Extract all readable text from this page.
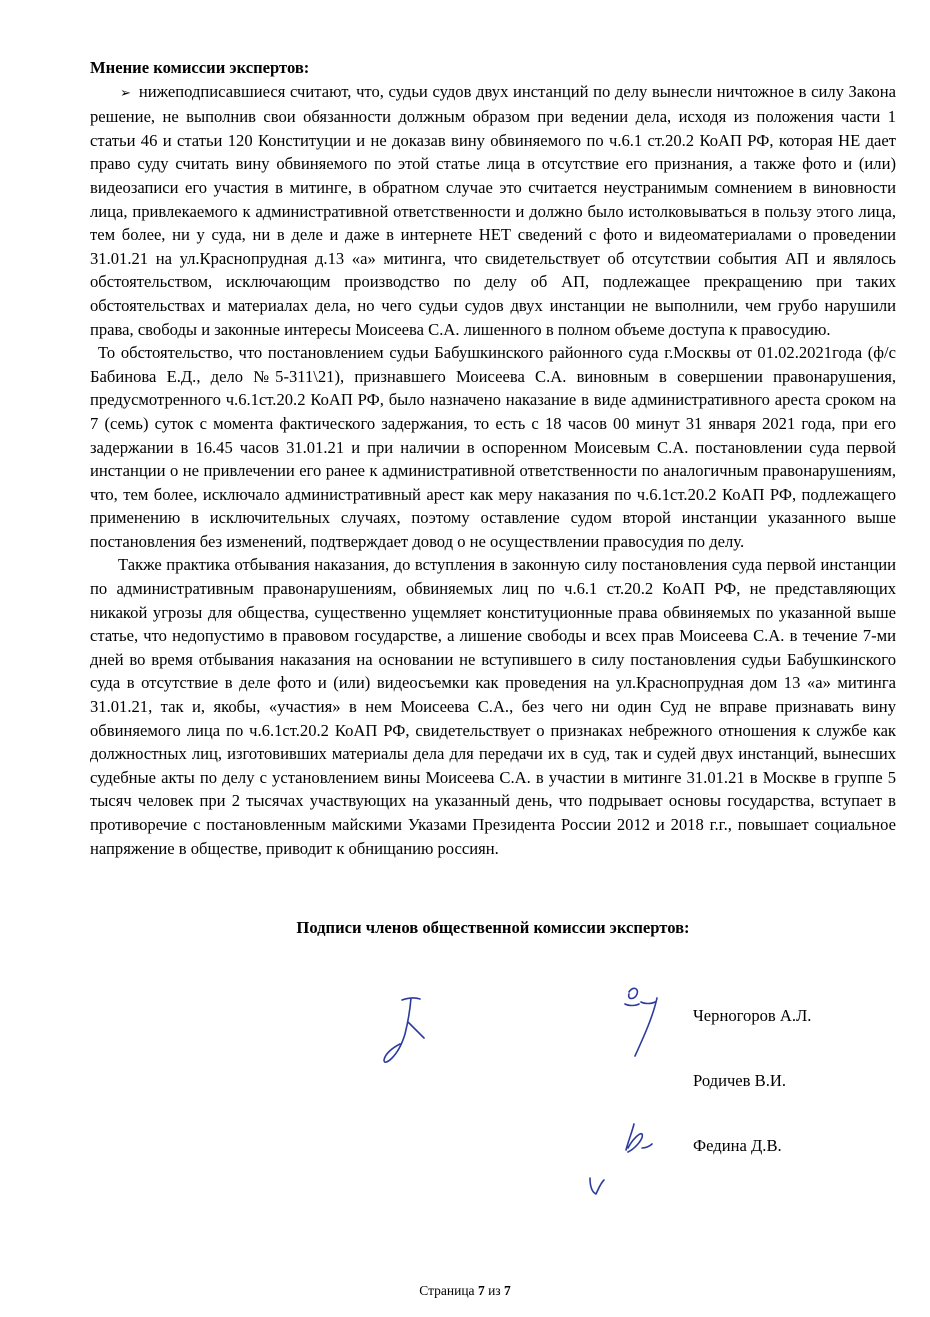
Мнение комиссии экспертов:

➢ нижеподписавшиеся считают, что, судьи судов двух инстанций по делу вынесли ничтожное в силу Закона решение, не выполнив свои обязанности должным образом при ведении дела, исходя из положения части 1 статьи 46 и статьи 120 Конституции и не доказав вину обвиняемого по ч.6.1 ст.20.2 КоАП РФ, которая НЕ дает право суду считать вину обвиняемого по этой статье лица в отсутствие его признания, а также фото и (или) видеозаписи его участия в митинге, в обратном случае это считается неустранимым сомнением в виновности лица, привлекаемого к административной ответственности и должно было истолковываться в пользу этого лица, тем более, ни у суда, ни в деле и даже в интернете НЕТ сведений с фото и видеоматериалами о проведении 31.01.21 на ул.Краснопрудная д.13 «а» митинга, что свидетельствует об отсутствии события АП и являлось обстоятельством, исключающим производство по делу об АП, подлежащее прекращению при таких обстоятельствах и материалах дела, но чего судьи судов двух инстанции не выполнили, чем грубо нарушили права, свободы и законные интересы Моисеева С.А. лишенного в полном объеме доступа к правосудию.

То обстоятельство, что постановлением судьи Бабушкинского районного суда г.Москвы от 01.02.2021года (ф/с Бабинова Е.Д., дело №5-311\21), признавшего Моисеева С.А. виновным в совершении правонарушения, предусмотренного ч.6.1ст.20.2 КоАП РФ, было назначено наказание в виде административного ареста сроком на 7 (семь) суток с момента фактического задержания, то есть с 18 часов 00 минут 31 января 2021 года, при его задержании в 16.45 часов 31.01.21 и при наличии в оспоренном Моисевым С.А. постановлении суда первой инстанции о не привлечении его ранее к административной ответственности по аналогичным правонарушениям, что, тем более, исключало административный арест как меру наказания по ч.6.1ст.20.2 КоАП РФ, подлежащего применению в исключительных случаях, поэтому оставление судом второй инстанции указанного выше постановления без изменений, подтверждает довод о не осуществлении правосудия по делу.

Также практика отбывания наказания, до вступления в законную силу постановления суда первой инстанции по административным правонарушениям, обвиняемых лиц по ч.6.1 ст.20.2 КоАП РФ, не представляющих никакой угрозы для общества, существенно ущемляет конституционные права обвиняемых по указанной выше статье, что недопустимо в правовом государстве, а лишение свободы и всех прав Моисеева С.А. в течение 7-ми дней во время отбывания наказания на основании не вступившего в силу постановления судьи Бабушкинского суда в отсутствие в деле фото и (или) видеосъемки как проведения на ул.Краснопрудная дом 13 «а» митинга 31.01.21, так и, якобы, «участия» в нем Моисеева С.А., без чего ни один Суд не вправе признавать вину обвиняемого лица по ч.6.1ст.20.2 КоАП РФ, свидетельствует о признаках небрежного отношения к службе как должностных лиц, изготовивших материалы дела для передачи их в суд, так и судей двух инстанций, вынесших судебные акты по делу с установлением вины Моисеева С.А. в участии в митинге 31.01.21 в Москве в группе 5 тысяч человек при 2 тысячах участвующих на указанный день, что подрывает основы государства, вступает в противоречие с постановленным майскими Указами Президента России 2012 и 2018 г.г., повышает социальное напряжение в обществе, приводит к обнищанию россиян.

Подписи членов общественной комиссии экспертов:
Черногоров А.Л.
Родичев В.И.
Федина Д.В.
Страница 7 из 7
